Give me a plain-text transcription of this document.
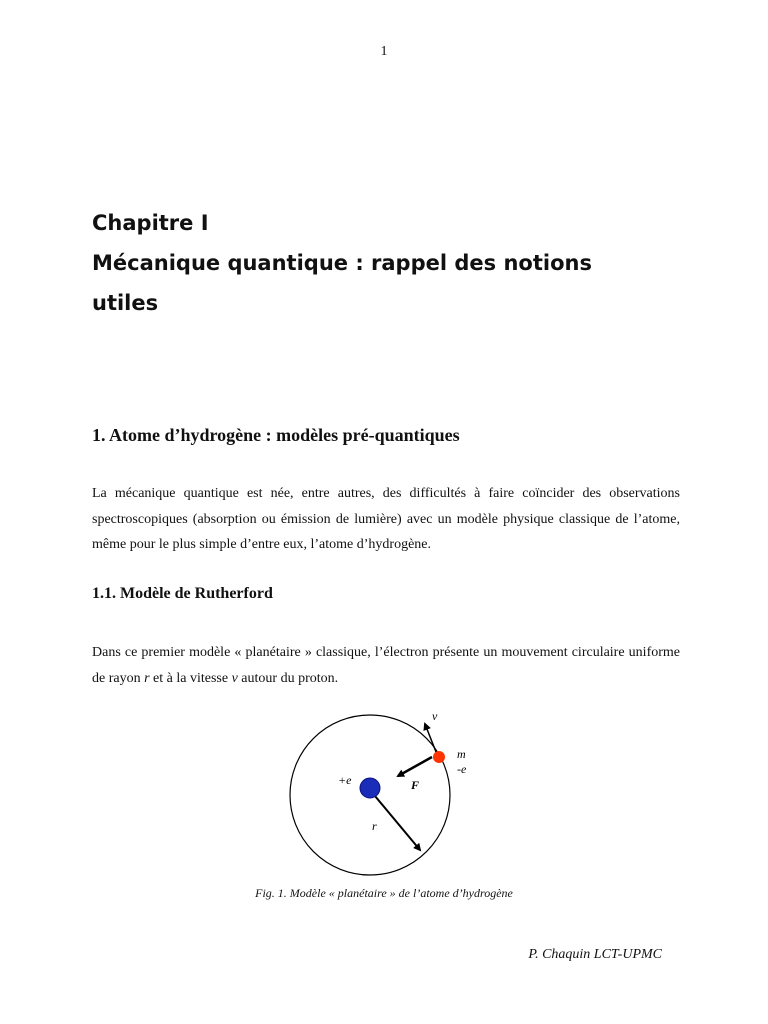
1
Chapitre I
Mécanique quantique : rappel des notions
utiles
1. Atome d’hydrogène : modèles pré-quantiques

La mécanique quantique est née, entre autres, des difficultés à faire coïncider des observations spectroscopiques (absorption ou émission de lumière) avec un modèle physique classique de l’atome, même pour le plus simple d’entre eux, l’atome d’hydrogène.

1.1. Modèle de Rutherford

Dans ce premier modèle « planétaire » classique, l’électron présente un mouvement circulaire uniforme de rayon r et à la vitesse v autour du proton.

v
m
-e
+e	F
r
Fig. 1. Modèle « planétaire » de l’atome d’hydrogène
P. Chaquin LCT-UPMC
